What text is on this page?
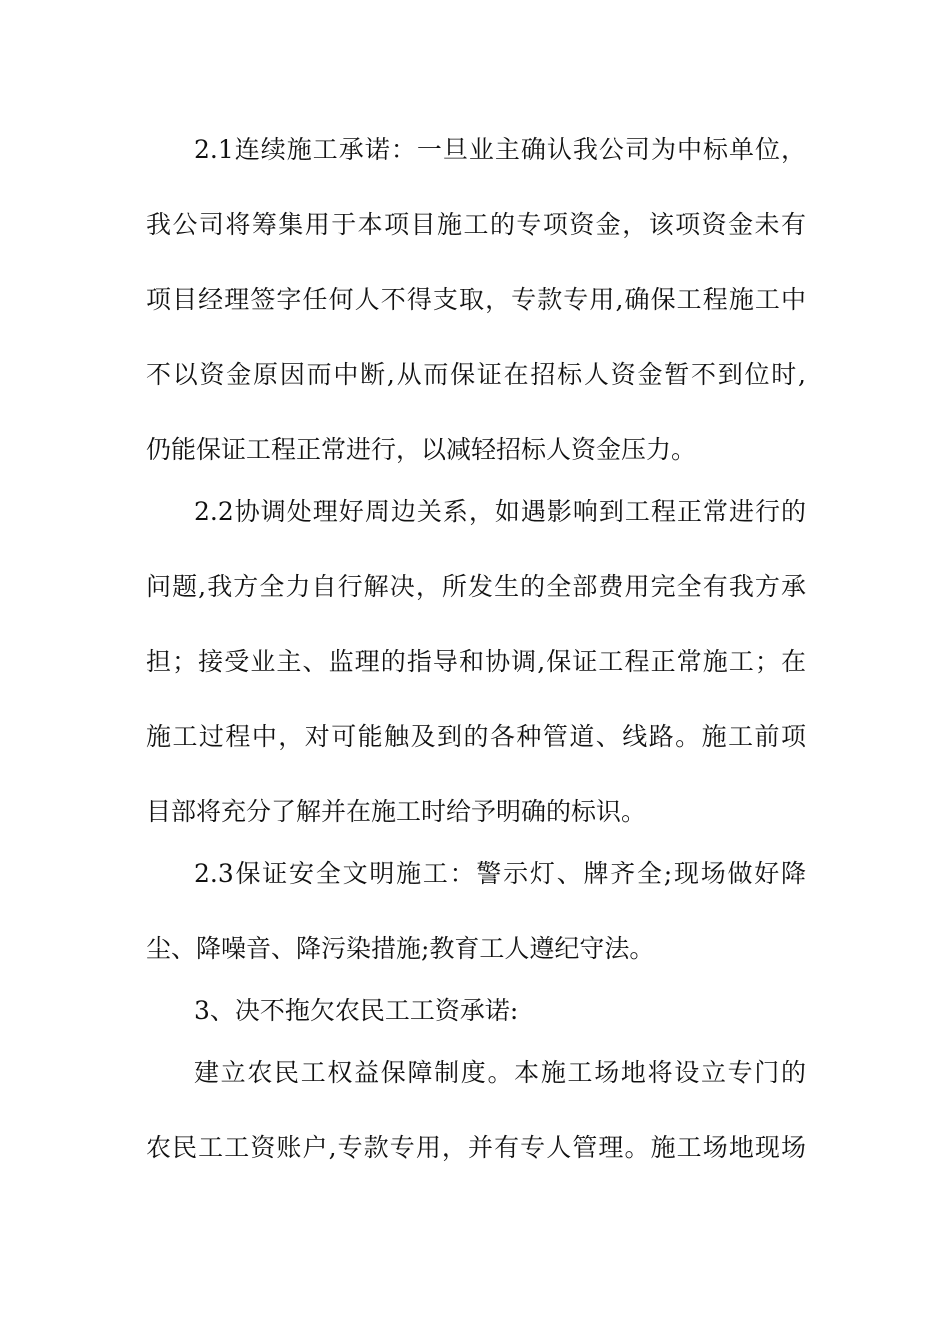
2.1连续施工承诺：一旦业主确认我公司为中标单位，
我公司将筹集用于本项目施工的专项资金，该项资金未有
项目经理签字任何人不得支取，专款专用,确保工程施工中
不以资金原因而中断,从而保证在招标人资金暂不到位时,
仍能保证工程正常进行，以减轻招标人资金压力。
2.2协调处理好周边关系，如遇影响到工程正常进行的
问题,我方全力自行解决，所发生的全部费用完全有我方承
担；接受业主、监理的指导和协调,保证工程正常施工；在
施工过程中，对可能触及到的各种管道、线路。施工前项
目部将充分了解并在施工时给予明确的标识。
2.3保证安全文明施工：警示灯、牌齐全;现场做好降
尘、降噪音、降污染措施;教育工人遵纪守法。
3、决不拖欠农民工工资承诺:
建立农民工权益保障制度。本施工场地将设立专门的
农民工工资账户,专款专用，并有专人管理。施工场地现场
